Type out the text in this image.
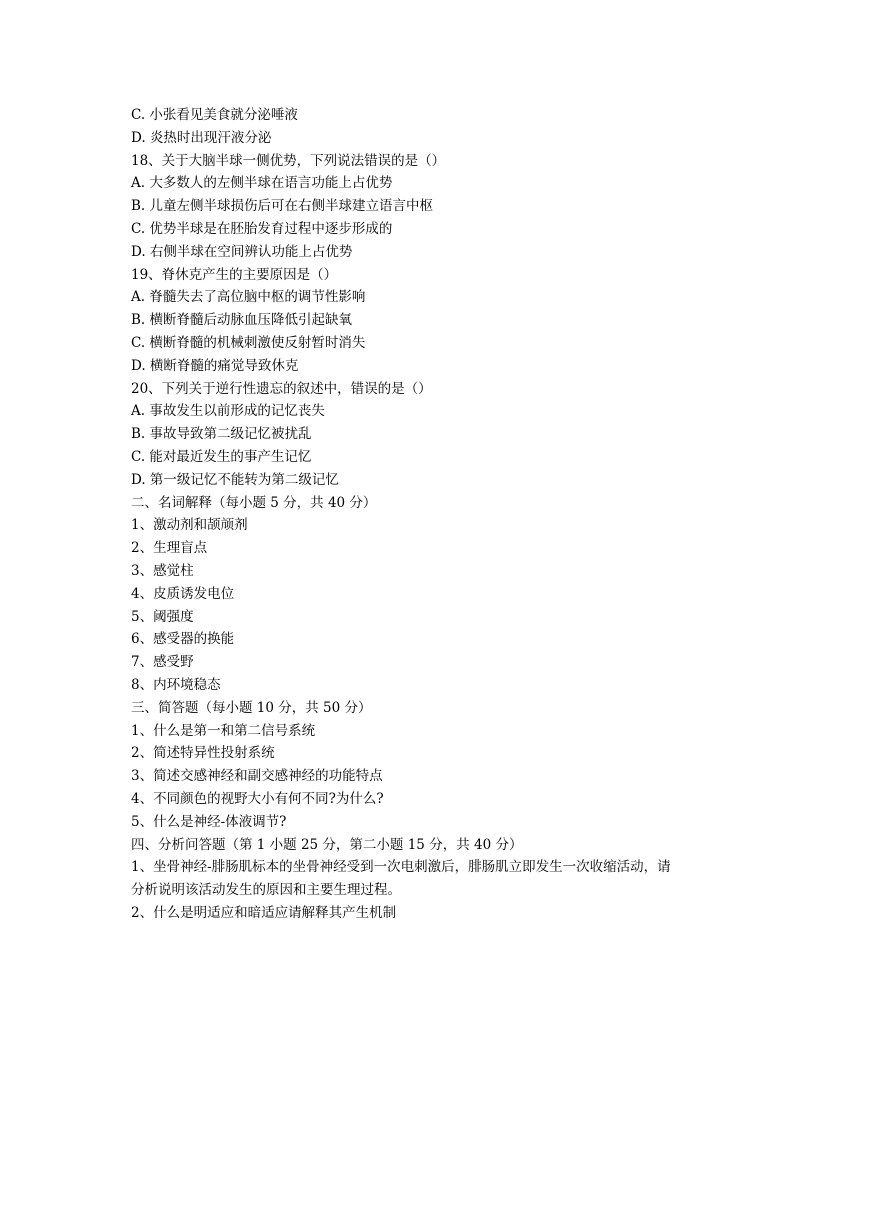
C. 小张看见美食就分泌唾液
D. 炎热时出现汗液分泌
18、关于大脑半球一侧优势，下列说法错误的是（）
A. 大多数人的左侧半球在语言功能上占优势
B. 儿童左侧半球损伤后可在右侧半球建立语言中枢
C. 优势半球是在胚胎发育过程中逐步形成的
D. 右侧半球在空间辨认功能上占优势
19、脊休克产生的主要原因是（）
A. 脊髓失去了高位脑中枢的调节性影响
B. 横断脊髓后动脉血压降低引起缺氧
C. 横断脊髓的机械刺激使反射暂时消失
D. 横断脊髓的痛觉导致休克
20、下列关于逆行性遗忘的叙述中，错误的是（）
A. 事故发生以前形成的记忆丧失
B. 事故导致第二级记忆被扰乱
C. 能对最近发生的事产生记忆
D. 第一级记忆不能转为第二级记忆
二、名词解释（每小题 5 分，共 40 分）
1、激动剂和颉颃剂
2、生理盲点
3、感觉柱
4、皮质诱发电位
5、阈强度
6、感受器的换能
7、感受野
8、内环境稳态
三、简答题（每小题 10 分，共 50 分）
1、什么是第一和第二信号系统
2、简述特异性投射系统
3、简述交感神经和副交感神经的功能特点
4、不同颜色的视野大小有何不同?为什么?
5、什么是神经-体液调节?
四、分析问答题（第 1 小题 25 分，第二小题 15 分，共 40 分）
1、坐骨神经-腓肠肌标本的坐骨神经受到一次电刺激后，腓肠肌立即发生一次收缩活动，请
分析说明该活动发生的原因和主要生理过程。
2、什么是明适应和暗适应请解释其产生机制
